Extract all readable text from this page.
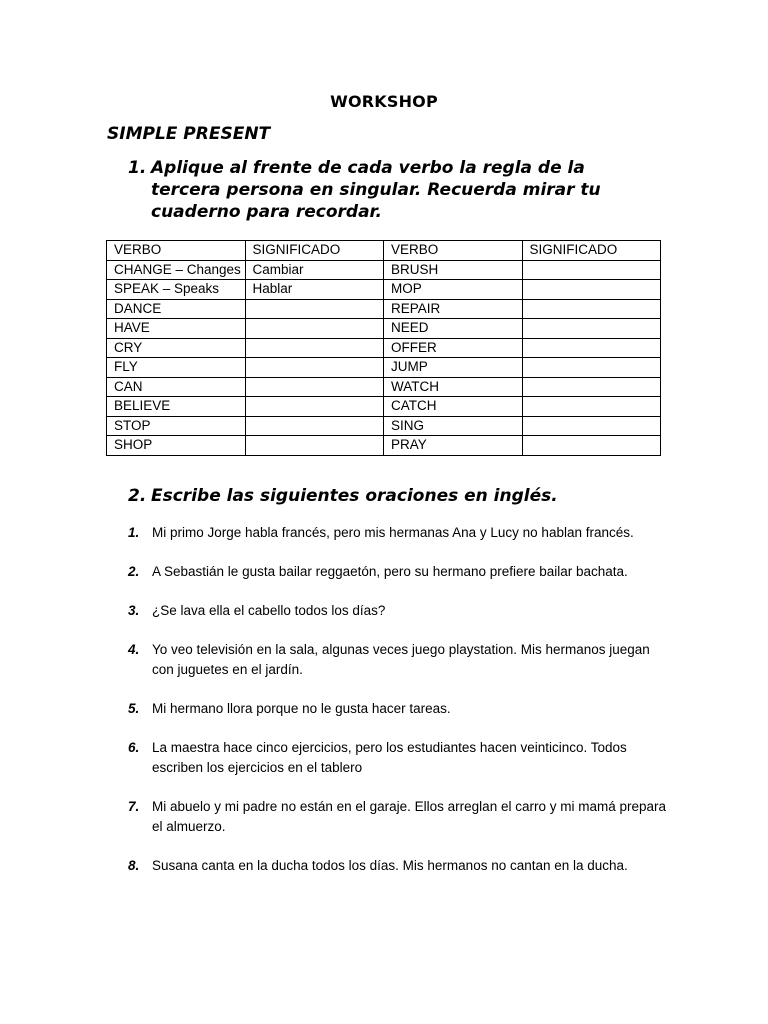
WORKSHOP
SIMPLE PRESENT
1. Aplique al frente de cada verbo la regla de la tercera persona en singular. Recuerda mirar tu cuaderno para recordar.
VERBO	SIGNIFICADO	VERBO	SIGNIFICADO
CHANGE – Changes	Cambiar	BRUSH	
SPEAK – Speaks	Hablar	MOP	
DANCE		REPAIR	
HAVE		NEED	
CRY		OFFER	
FLY		JUMP	
CAN		WATCH	
BELIEVE		CATCH	
STOP		SING	
SHOP		PRAY	
2. Escribe las siguientes oraciones en inglés.
1. Mi primo Jorge habla francés, pero mis hermanas Ana y Lucy no hablan francés.
2. A Sebastián le gusta bailar reggaetón, pero su hermano prefiere bailar bachata.
3. ¿Se lava ella el cabello todos los días?
4. Yo veo televisión en la sala, algunas veces juego playstation. Mis hermanos juegan con juguetes en el jardín.
5. Mi hermano llora porque no le gusta hacer tareas.
6. La maestra hace cinco ejercicios, pero los estudiantes hacen veinticinco. Todos escriben los ejercicios en el tablero
7. Mi abuelo y mi padre no están en el garaje. Ellos arreglan el carro y mi mamá prepara el almuerzo.
8. Susana canta en la ducha todos los días. Mis hermanos no cantan en la ducha.
